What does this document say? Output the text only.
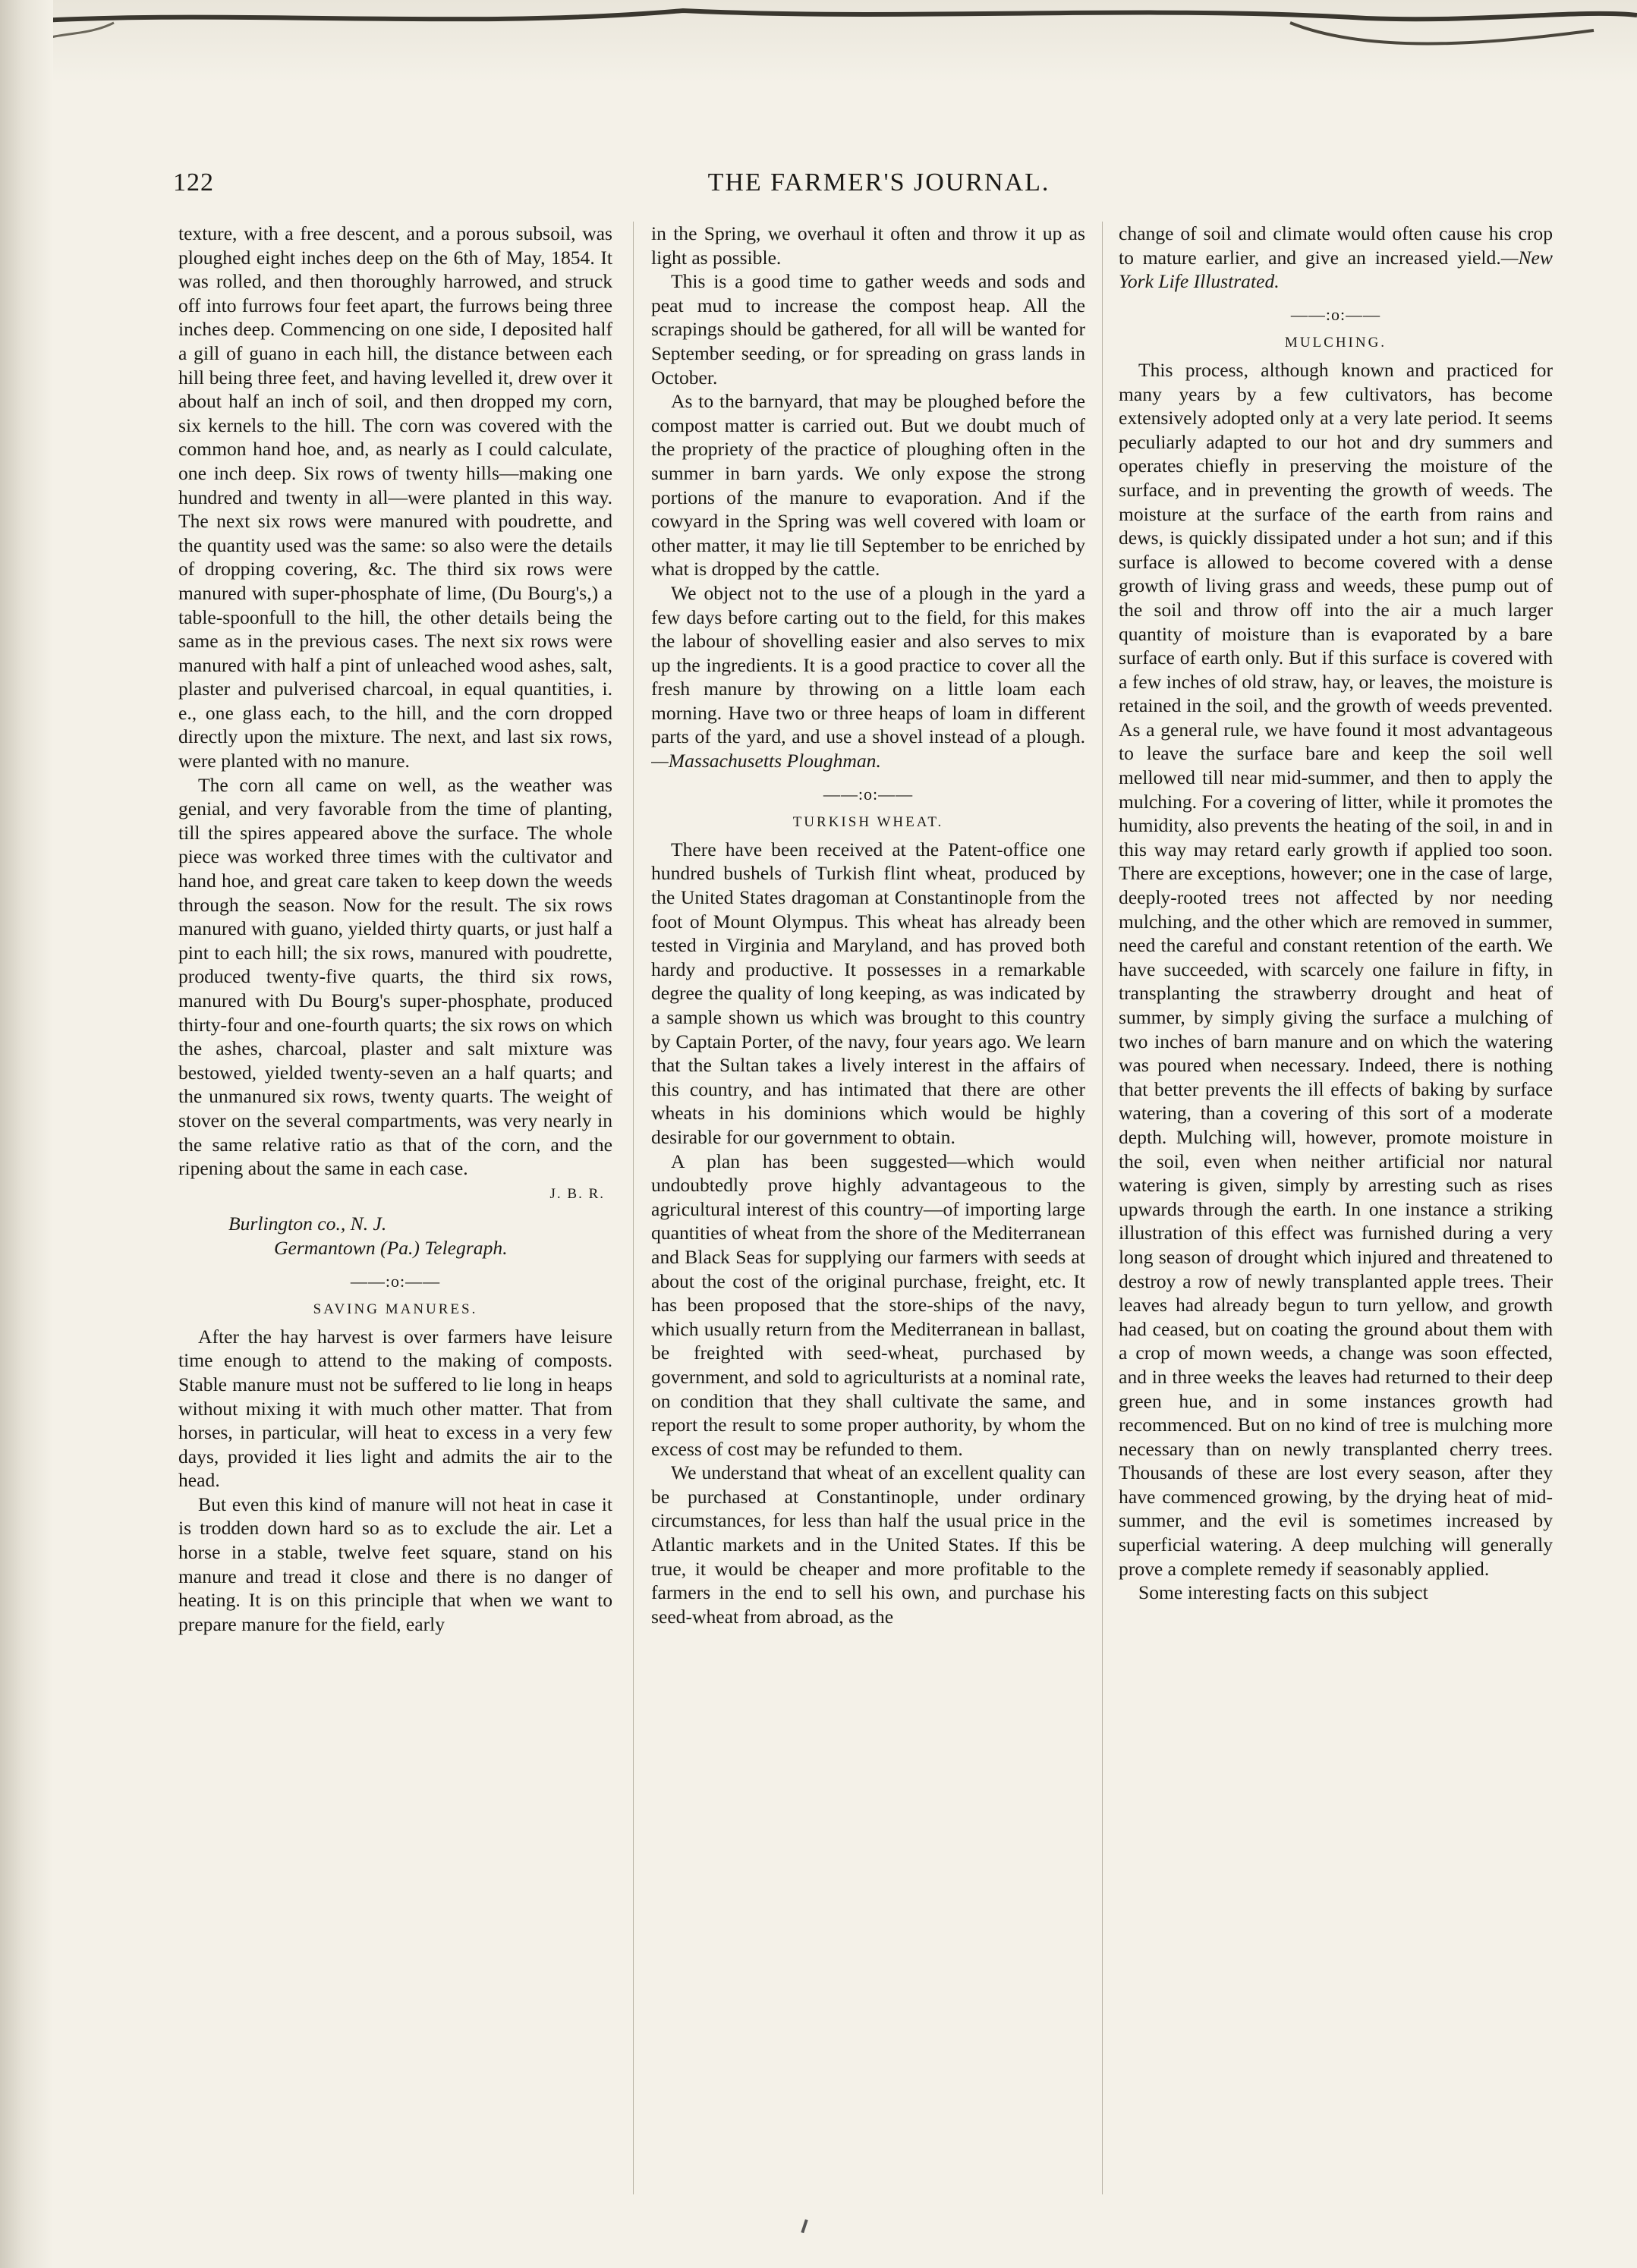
THE FARMER'S JOURNAL.
122

texture, with a free descent, and a porous subsoil, was ploughed eight inches deep on the 6th of May, 1854. It was rolled, and then thoroughly harrowed, and struck off into furrows four feet apart, the furrows being three inches deep. Commencing on one side, I deposited half a gill of guano in each hill, the distance between each hill being three feet, and having levelled it, drew over it about half an inch of soil, and then dropped my corn, six kernels to the hill. The corn was covered with the common hand hoe, and, as nearly as I could calculate, one inch deep. Six rows of twenty hills—making one hundred and twenty in all—were planted in this way. The next six rows were manured with poudrette, and the quantity used was the same: so also were the details of dropping covering, &c. The third six rows were manured with super-phosphate of lime, (Du Bourg's,) a table-spoonfull to the hill, the other details being the same as in the previous cases. The next six rows were manured with half a pint of unleached wood ashes, salt, plaster and pulverised charcoal, in equal quantities, i. e., one glass each, to the hill, and the corn dropped directly upon the mixture. The next, and last six rows, were planted with no manure.

The corn all came on well, as the weather was genial, and very favorable from the time of planting, till the spires appeared above the surface. The whole piece was worked three times with the cultivator and hand hoe, and great care taken to keep down the weeds through the season. Now for the result. The six rows manured with guano, yielded thirty quarts, or just half a pint to each hill; the six rows, manured with poudrette, produced twenty-five quarts, the third six rows, manured with Du Bourg's super-phosphate, produced thirty-four and one-fourth quarts; the six rows on which the ashes, charcoal, plaster and salt mixture was bestowed, yielded twenty-seven an a half quarts; and the unmanured six rows, twenty quarts. The weight of stover on the several compartments, was very nearly in the same relative ratio as that of the corn, and the ripening about the same in each case.

J. B. R.

Burlington co., N. J.

Germantown (Pa.) Telegraph.

——:o:——
SAVING MANURES.

After the hay harvest is over farmers have leisure time enough to attend to the making of composts. Stable manure must not be suffered to lie long in heaps without mixing it with much other matter. That from horses, in particular, will heat to excess in a very few days, provided it lies light and admits the air to the head.

But even this kind of manure will not heat in case it is trodden down hard so as to exclude the air. Let a horse in a stable, twelve feet square, stand on his manure and tread it close and there is no danger of heating. It is on this principle that when we want to prepare manure for the field, early

in the Spring, we overhaul it often and throw it up as light as possible.

This is a good time to gather weeds and sods and peat mud to increase the compost heap. All the scrapings should be gathered, for all will be wanted for September seeding, or for spreading on grass lands in October.

As to the barnyard, that may be ploughed before the compost matter is carried out. But we doubt much of the propriety of the practice of ploughing often in the summer in barn yards. We only expose the strong portions of the manure to evaporation. And if the cowyard in the Spring was well covered with loam or other matter, it may lie till September to be enriched by what is dropped by the cattle.

We object not to the use of a plough in the yard a few days before carting out to the field, for this makes the labour of shovelling easier and also serves to mix up the ingredients. It is a good practice to cover all the fresh manure by throwing on a little loam each morning. Have two or three heaps of loam in different parts of the yard, and use a shovel instead of a plough.—Massachusetts Ploughman.

——:o:——
TURKISH WHEAT.

There have been received at the Patent-office one hundred bushels of Turkish flint wheat, produced by the United States dragoman at Constantinople from the foot of Mount Olympus. This wheat has already been tested in Virginia and Maryland, and has proved both hardy and productive. It possesses in a remarkable degree the quality of long keeping, as was indicated by a sample shown us which was brought to this country by Captain Porter, of the navy, four years ago. We learn that the Sultan takes a lively interest in the affairs of this country, and has intimated that there are other wheats in his dominions which would be highly desirable for our government to obtain.

A plan has been suggested—which would undoubtedly prove highly advantageous to the agricultural interest of this country—of importing large quantities of wheat from the shore of the Mediterranean and Black Seas for supplying our farmers with seeds at about the cost of the original purchase, freight, etc. It has been proposed that the store-ships of the navy, which usually return from the Mediterranean in ballast, be freighted with seed-wheat, purchased by government, and sold to agriculturists at a nominal rate, on condition that they shall cultivate the same, and report the result to some proper authority, by whom the excess of cost may be refunded to them.

We understand that wheat of an excellent quality can be purchased at Constantinople, under ordinary circumstances, for less than half the usual price in the Atlantic markets and in the United States. If this be true, it would be cheaper and more profitable to the farmers in the end to sell his own, and purchase his seed-wheat from abroad, as the

change of soil and climate would often cause his crop to mature earlier, and give an increased yield.—New York Life Illustrated.

——:o:——
MULCHING.

This process, although known and practiced for many years by a few cultivators, has become extensively adopted only at a very late period. It seems peculiarly adapted to our hot and dry summers and operates chiefly in preserving the moisture of the surface, and in preventing the growth of weeds. The moisture at the surface of the earth from rains and dews, is quickly dissipated under a hot sun; and if this surface is allowed to become covered with a dense growth of living grass and weeds, these pump out of the soil and throw off into the air a much larger quantity of moisture than is evaporated by a bare surface of earth only. But if this surface is covered with a few inches of old straw, hay, or leaves, the moisture is retained in the soil, and the growth of weeds prevented. As a general rule, we have found it most advantageous to leave the surface bare and keep the soil well mellowed till near mid-summer, and then to apply the mulching. For a covering of litter, while it promotes the humidity, also prevents the heating of the soil, in and in this way may retard early growth if applied too soon. There are exceptions, however; one in the case of large, deeply-rooted trees not affected by nor needing mulching, and the other which are removed in summer, need the careful and constant retention of the earth. We have succeeded, with scarcely one failure in fifty, in transplanting the strawberry drought and heat of summer, by simply giving the surface a mulching of two inches of barn manure and on which the watering was poured when necessary. Indeed, there is nothing that better prevents the ill effects of baking by surface watering, than a covering of this sort of a moderate depth. Mulching will, however, promote moisture in the soil, even when neither artificial nor natural watering is given, simply by arresting such as rises upwards through the earth. In one instance a striking illustration of this effect was furnished during a very long season of drought which injured and threatened to destroy a row of newly transplanted apple trees. Their leaves had already begun to turn yellow, and growth had ceased, but on coating the ground about them with a crop of mown weeds, a change was soon effected, and in three weeks the leaves had returned to their deep green hue, and in some instances growth had recommenced. But on no kind of tree is mulching more necessary than on newly transplanted cherry trees. Thousands of these are lost every season, after they have commenced growing, by the drying heat of mid-summer, and the evil is sometimes increased by superficial watering. A deep mulching will generally prove a complete remedy if seasonably applied.

Some interesting facts on this subject
